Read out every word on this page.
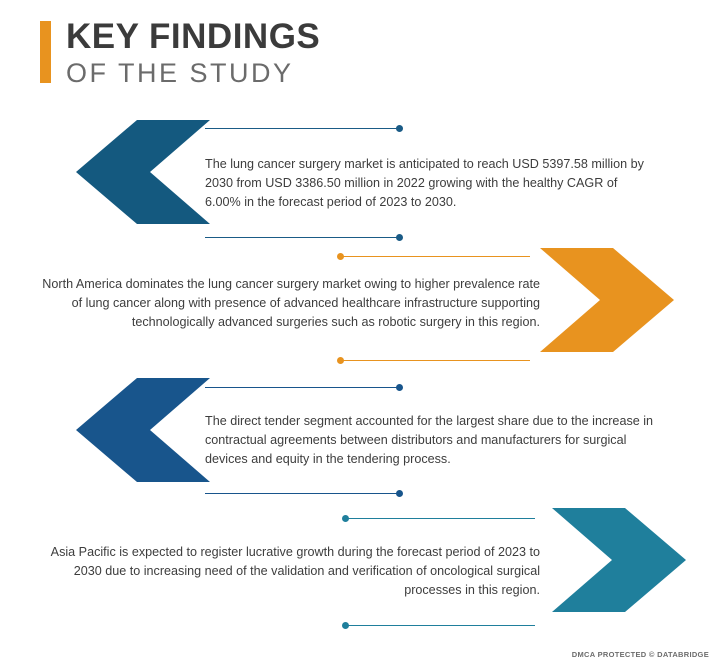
KEY FINDINGS
OF THE STUDY
The lung cancer surgery market is anticipated to reach USD 5397.58 million by 2030 from USD 3386.50 million in 2022 growing with the healthy CAGR of 6.00% in the forecast period of 2023 to 2030.
North America dominates the lung cancer surgery market owing to higher prevalence rate of lung cancer along with presence of advanced healthcare infrastructure supporting technologically advanced surgeries such as robotic surgery in this region.
The direct tender segment accounted for the largest share due to the increase in contractual agreements between distributors and manufacturers for surgical devices and equity in the tendering process.
Asia Pacific is expected to register lucrative growth during the forecast period of 2023 to 2030 due to increasing need of the validation and verification of oncological surgical processes in this region.
DMCA PROTECTED © DATABRIDGE
